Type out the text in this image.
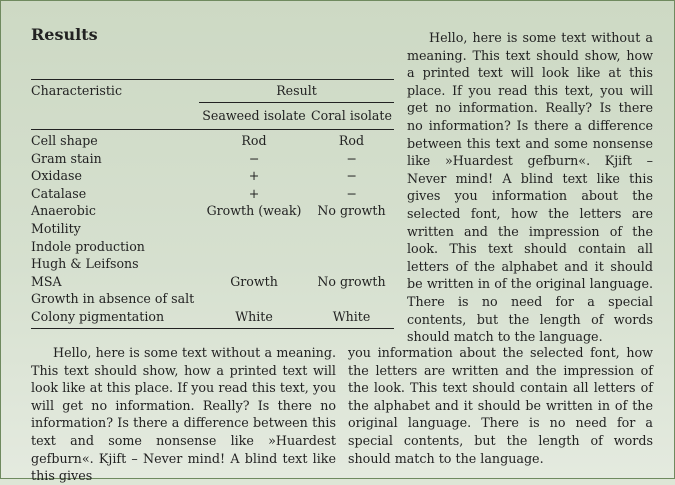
Results
Characteristic	Result	
	Seaweed isolate	Coral isolate
Cell shape	Rod	Rod
Gram stain	−	−
Oxidase	+	−
Catalase	+	−
Anaerobic	Growth (weak)	No growth
Motility		
Indole production		
Hugh & Leifsons		
MSA	Growth	No growth
Growth in absence of salt		
Colony pigmentation	White	White

Hello, here is some text without a meaning. This text should show, how a printed text will look like at this place. If you read this text, you will get no information. Really? Is there no information? Is there a difference between this text and some nonsense like »Huardest gefburn«. Kjift – Never mind! A blind text like this gives you information about the selected font, how the letters are written and the impression of the look. This text should contain all letters of the alphabet and it should be written in of the original language. There is no need for a special contents, but the length of words should match to the language.

Hello, here is some text without a meaning. This text should show, how a printed text will look like at this place. If you read this text, you will get no information. Really? Is there no information? Is there a difference between this text and some nonsense like »Huardest gefburn«. Kjift – Never mind! A blind text like this gives

you information about the selected font, how the letters are written and the impression of the look. This text should contain all letters of the alphabet and it should be written in of the original language. There is no need for a special contents, but the length of words should match to the language.
